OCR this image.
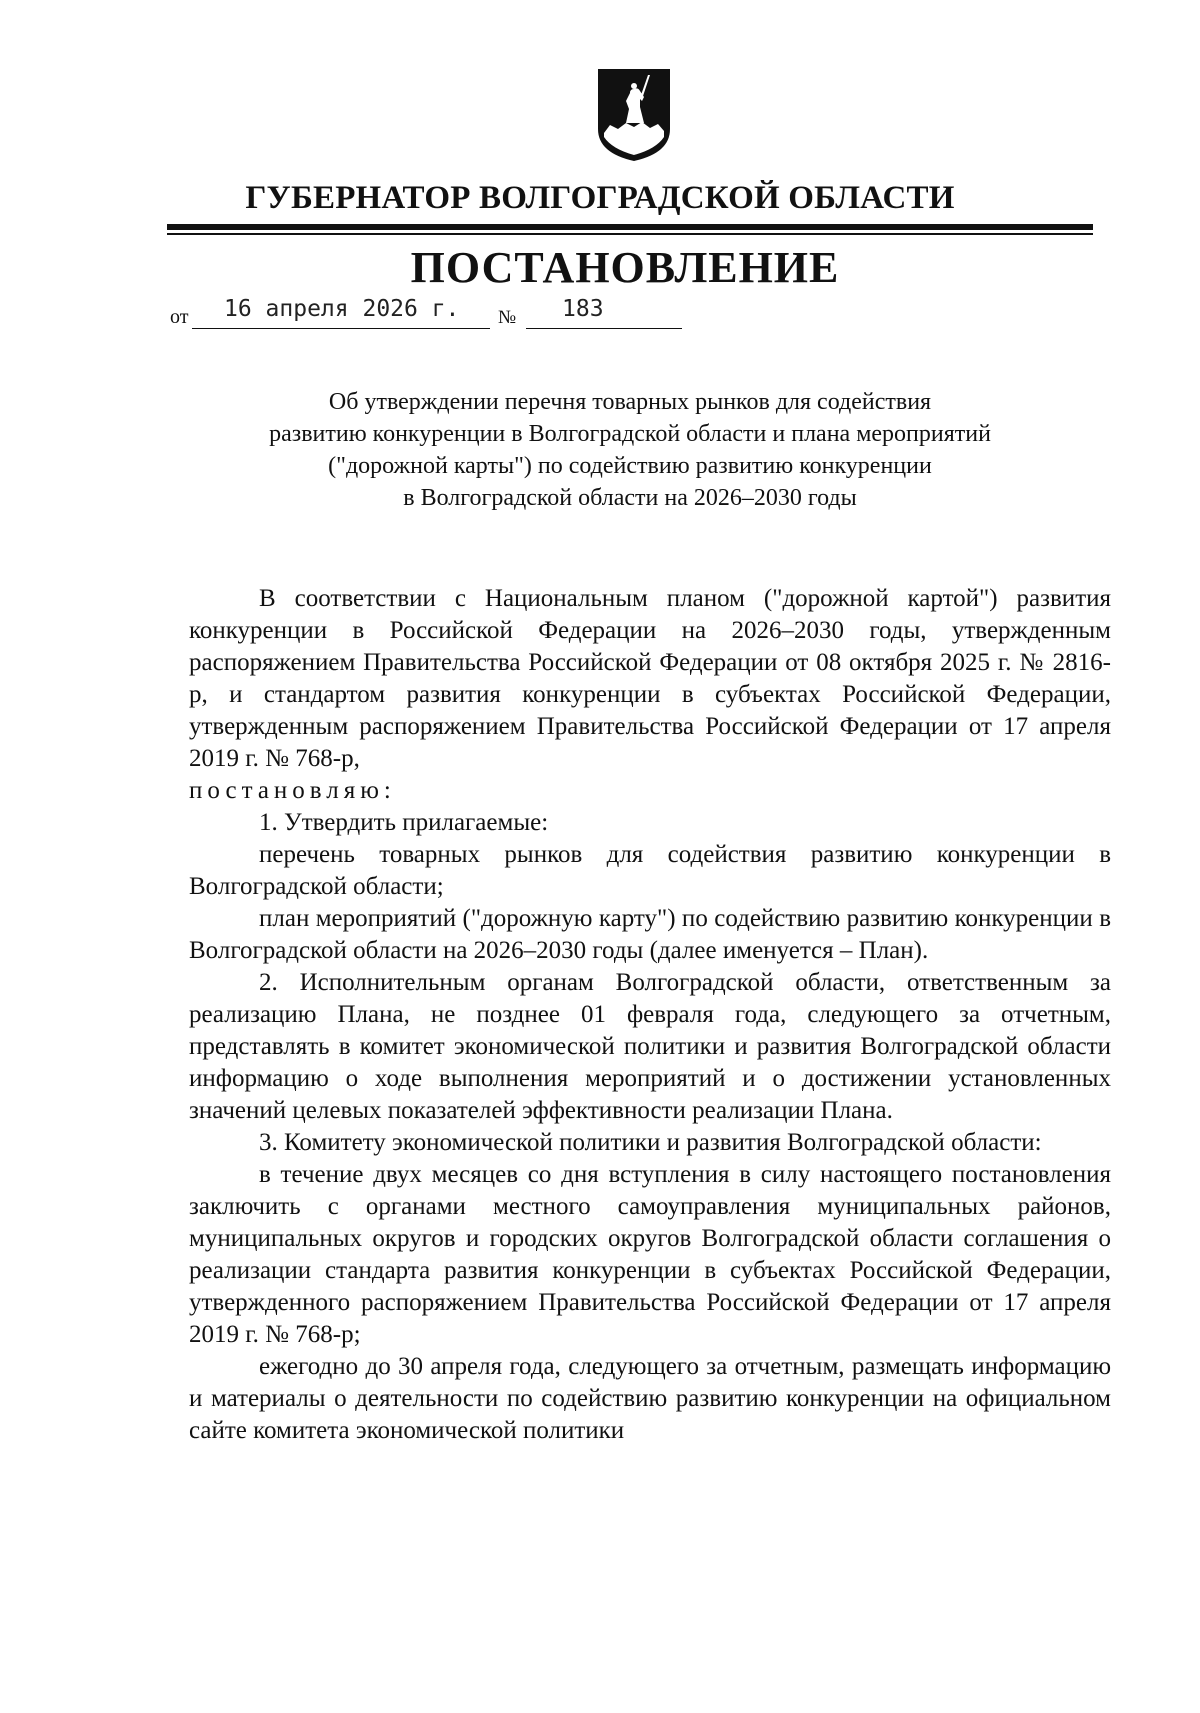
ГУБЕРНАТОР ВОЛГОГРАДСКОЙ ОБЛАСТИ
ПОСТАНОВЛЕНИЕ
от 16 апреля 2026 г. № 183
Об утверждении перечня товарных рынков для содействия
развитию конкуренции в Волгоградской области и плана мероприятий
("дорожной карты") по содействию развитию конкуренции
в Волгоградской области на 2026–2030 годы

В соответствии с Национальным планом ("дорожной картой") развития конкуренции в Российской Федерации на 2026–2030 годы, утвержденным распоряжением Правительства Российской Федерации от 08 октября 2025 г. № 2816-р, и стандартом развития конкуренции в субъектах Российской Федерации, утвержденным распоряжением Правительства Российской Федерации от 17 апреля 2019 г. № 768-р,

постановляю:

1. Утвердить прилагаемые:

перечень товарных рынков для содействия развитию конкуренции в Волгоградской области;

план мероприятий ("дорожную карту") по содействию развитию конкуренции в Волгоградской области на 2026–2030 годы (далее именуется – План).

2. Исполнительным органам Волгоградской области, ответственным за реализацию Плана, не позднее 01 февраля года, следующего за отчетным, представлять в комитет экономической политики и развития Волгоградской области информацию о ходе выполнения мероприятий и о достижении установленных значений целевых показателей эффективности реализации Плана.

3. Комитету экономической политики и развития Волгоградской области:

в течение двух месяцев со дня вступления в силу настоящего постановления заключить с органами местного самоуправления муниципальных районов, муниципальных округов и городских округов Волгоградской области соглашения о реализации стандарта развития конкуренции в субъектах Российской Федерации, утвержденного распоряжением Правительства Российской Федерации от 17 апреля 2019 г. № 768-р;

ежегодно до 30 апреля года, следующего за отчетным, размещать информацию и материалы о деятельности по содействию развитию конкуренции на официальном сайте комитета экономической политики
